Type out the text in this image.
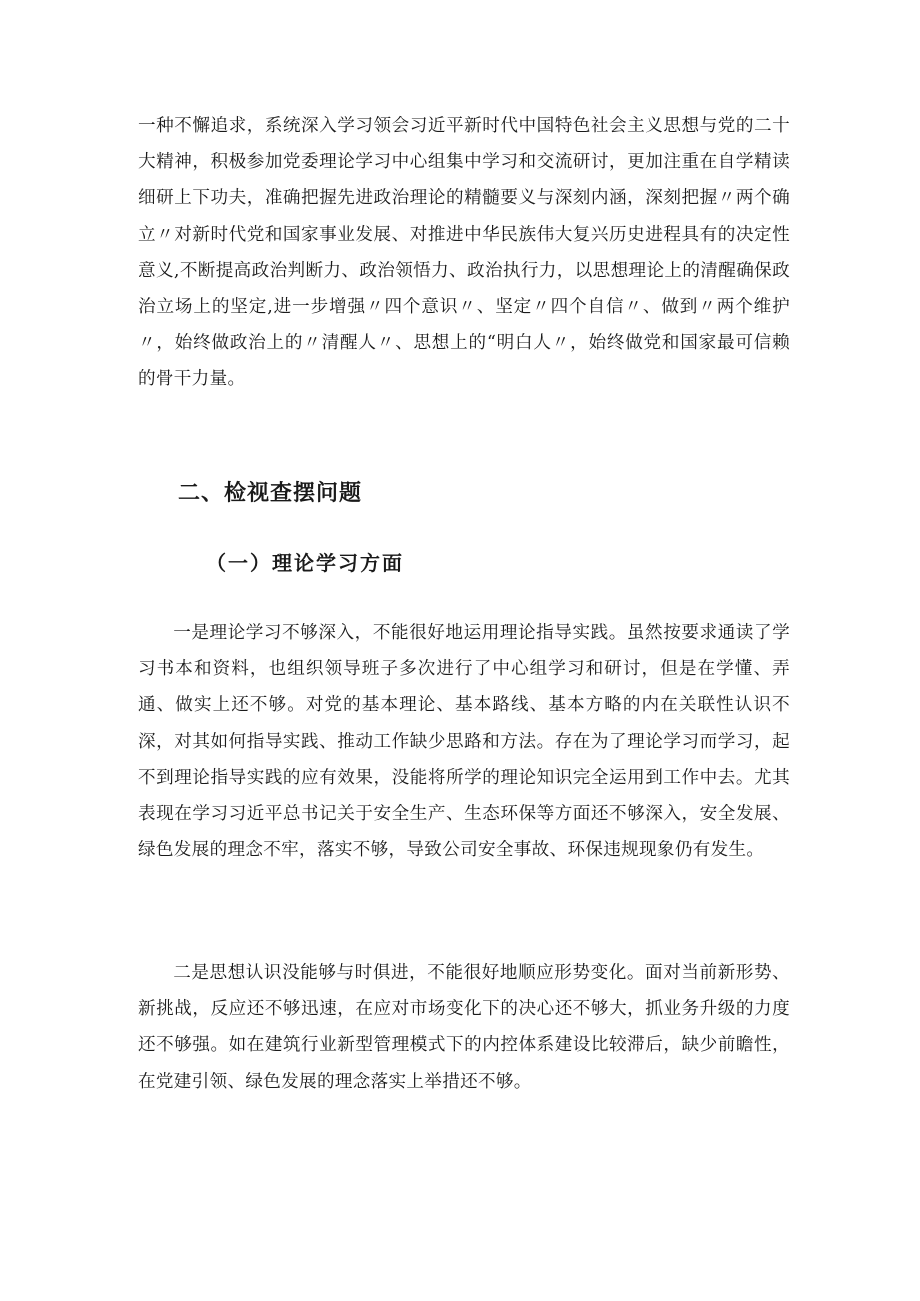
一种不懈追求，系统深入学习领会习近平新时代中国特色社会主义思想与党的二十大精神，积极参加党委理论学习中心组集中学习和交流研讨，更加注重在自学精读细研上下功夫，准确把握先进政治理论的精髓要义与深刻内涵，深刻把握〃两个确立〃对新时代党和国家事业发展、对推进中华民族伟大复兴历史进程具有的决定性意义,不断提高政治判断力、政治领悟力、政治执行力，以思想理论上的清醒确保政治立场上的坚定,进一步增强〃四个意识〃、坚定〃四个自信〃、做到〃两个维护〃，始终做政治上的〃清醒人〃、思想上的“明白人〃，始终做党和国家最可信赖的骨干力量。

二、检视查摆问题
（一）理论学习方面

一是理论学习不够深入，不能很好地运用理论指导实践。虽然按要求通读了学习书本和资料，也组织领导班子多次进行了中心组学习和研讨，但是在学懂、弄通、做实上还不够。对党的基本理论、基本路线、基本方略的内在关联性认识不深，对其如何指导实践、推动工作缺少思路和方法。存在为了理论学习而学习，起不到理论指导实践的应有效果，没能将所学的理论知识完全运用到工作中去。尤其表现在学习习近平总书记关于安全生产、生态环保等方面还不够深入，安全发展、绿色发展的理念不牢，落实不够，导致公司安全事故、环保违规现象仍有发生。

二是思想认识没能够与时俱进，不能很好地顺应形势变化。面对当前新形势、新挑战，反应还不够迅速，在应对市场变化下的决心还不够大，抓业务升级的力度还不够强。如在建筑行业新型管理模式下的内控体系建设比较滞后，缺少前瞻性，在党建引领、绿色发展的理念落实上举措还不够。
